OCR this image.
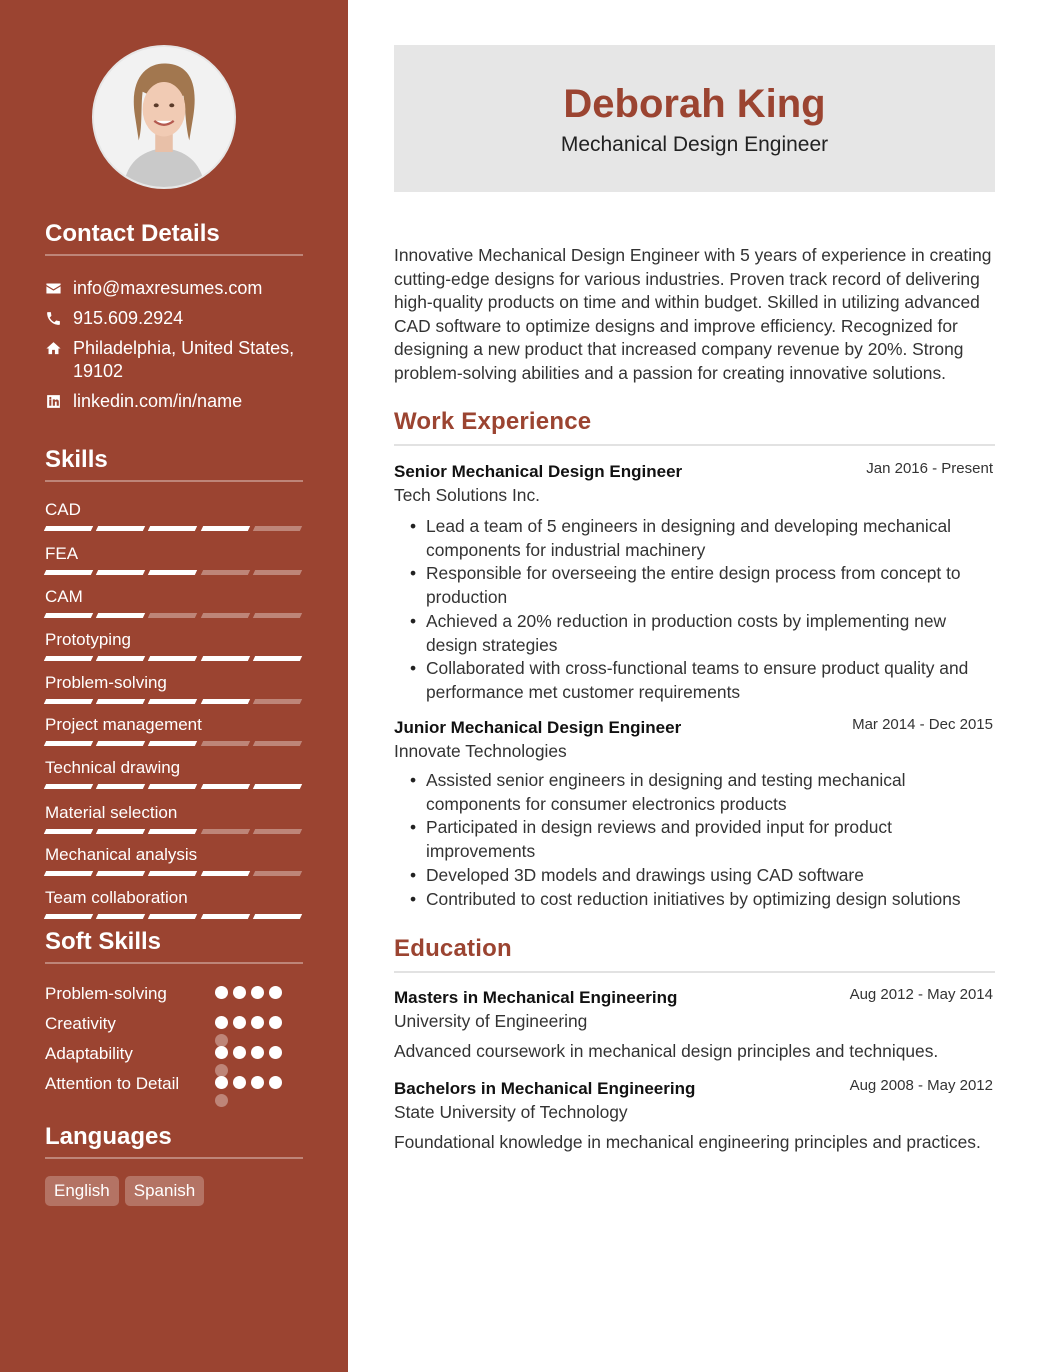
Contact Details
info@maxresumes.com
915.609.2924
Philadelphia, United States, 19102
linkedin.com/in/name
Skills
CAD
FEA
CAM
Prototyping
Problem-solving
Project management
Technical drawing
Material selection
Mechanical analysis
Team collaboration
Soft Skills
Problem-solving
Creativity
Adaptability
Attention to Detail
Languages
English	Spanish
Deborah King
Mechanical Design Engineer

Innovative Mechanical Design Engineer with 5 years of experience in creating cutting-edge designs for various industries. Proven track record of delivering high-quality products on time and within budget. Skilled in utilizing advanced CAD software to optimize designs and improve efficiency. Recognized for designing a new product that increased company revenue by 20%. Strong problem-solving abilities and a passion for creating innovative solutions.

Work Experience
Senior Mechanical Design Engineer	Jan 2016 - Present
Tech Solutions Inc.
• Lead a team of 5 engineers in designing and developing mechanical components for industrial machinery
• Responsible for overseeing the entire design process from concept to production
• Achieved a 20% reduction in production costs by implementing new design strategies
• Collaborated with cross-functional teams to ensure product quality and performance met customer requirements
Junior Mechanical Design Engineer	Mar 2014 - Dec 2015
Innovate Technologies
• Assisted senior engineers in designing and testing mechanical components for consumer electronics products
• Participated in design reviews and provided input for product improvements
• Developed 3D models and drawings using CAD software
• Contributed to cost reduction initiatives by optimizing design solutions
Education
Masters in Mechanical Engineering	Aug 2012 - May 2014
University of Engineering

Advanced coursework in mechanical design principles and techniques.

Bachelors in Mechanical Engineering	Aug 2008 - May 2012
State University of Technology

Foundational knowledge in mechanical engineering principles and practices.
